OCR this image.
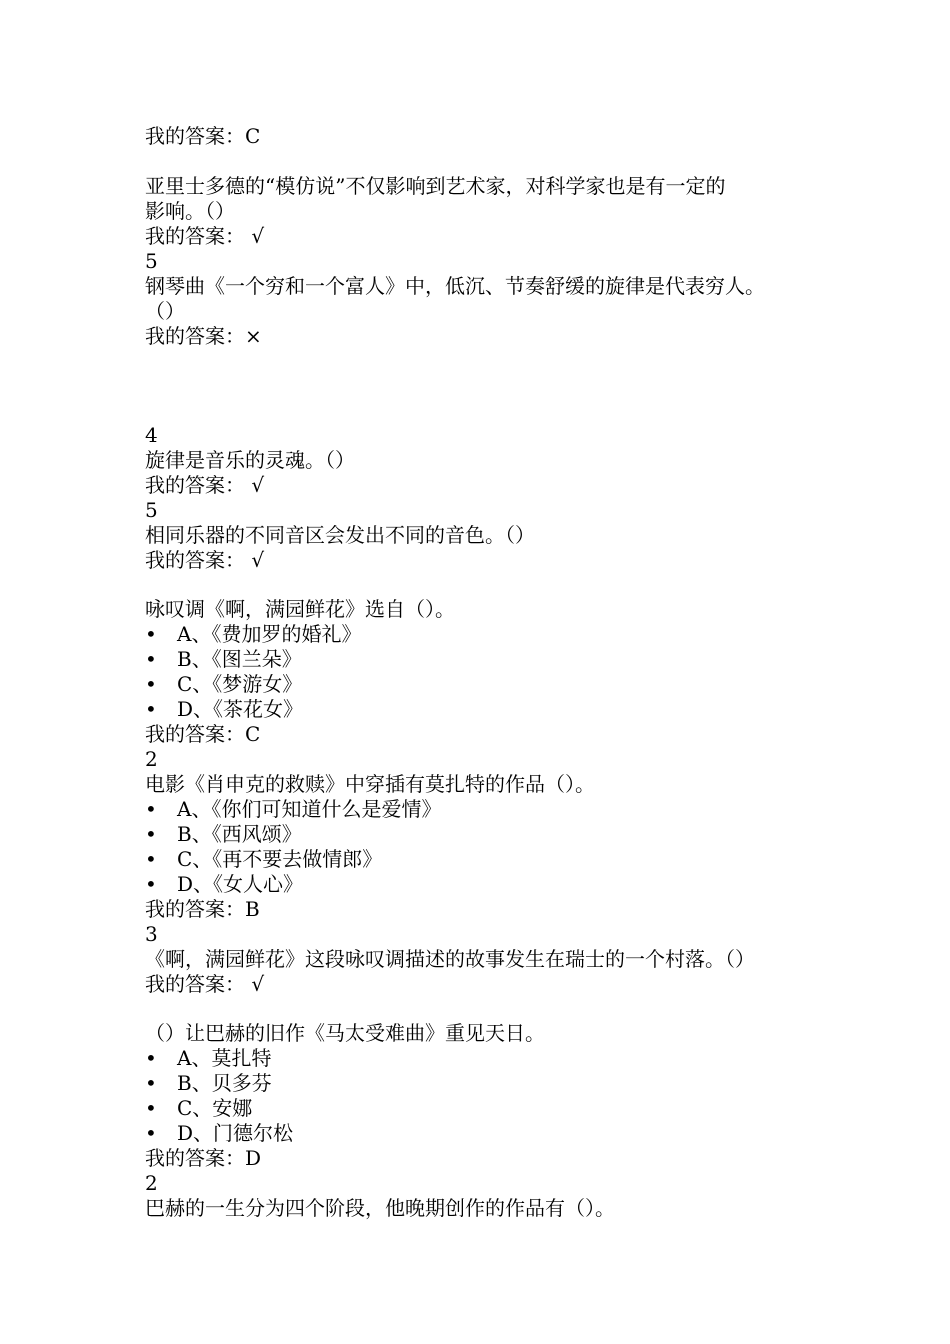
我的答案：C
亚里士多德的“模仿说”不仅影响到艺术家，对科学家也是有一定的
影响。（）
我的答案： √
5
钢琴曲《一个穷和一个富人》中，低沉、节奏舒缓的旋律是代表穷人。
（）
我的答案：×
4
旋律是音乐的灵魂。（）
我的答案： √
5
相同乐器的不同音区会发出不同的音色。（）
我的答案： √
咏叹调《啊，满园鲜花》选自（）。
• A、《费加罗的婚礼》
• B、《图兰朵》
• C、《梦游女》
• D、《茶花女》
我的答案：C
2
电影《肖申克的救赎》中穿插有莫扎特的作品（）。
• A、《你们可知道什么是爱情》
• B、《西风颂》
• C、《再不要去做情郎》
• D、《女人心》
我的答案：B
3
《啊，满园鲜花》这段咏叹调描述的故事发生在瑞士的一个村落。（）
我的答案： √
（）让巴赫的旧作《马太受难曲》重见天日。
• A、莫扎特
• B、贝多芬
• C、安娜
• D、门德尔松
我的答案：D
2
巴赫的一生分为四个阶段，他晚期创作的作品有（）。
